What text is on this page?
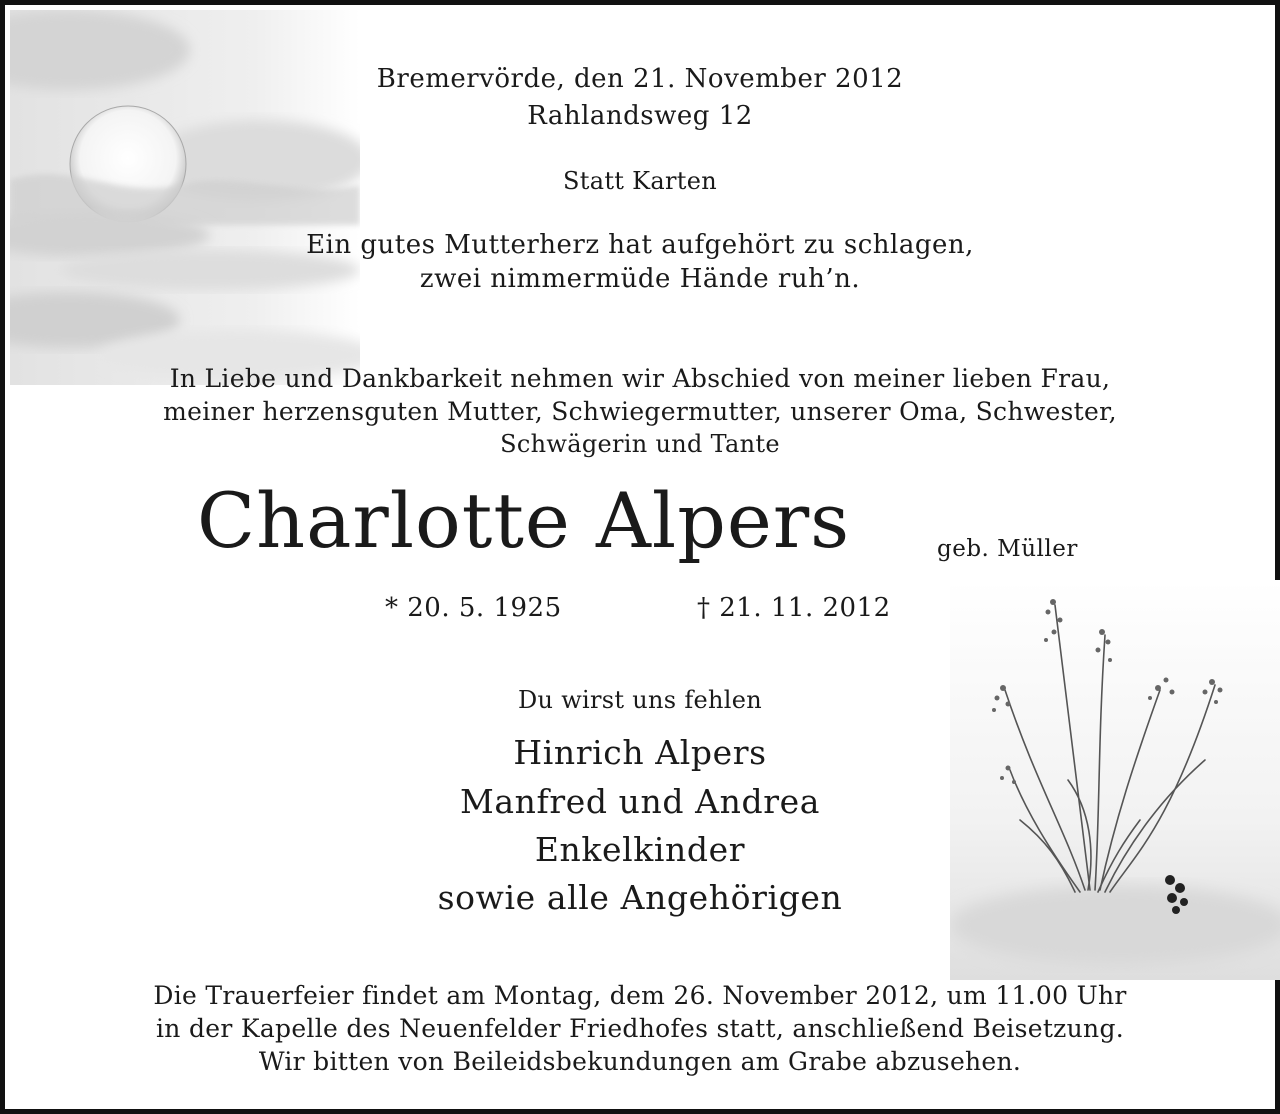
Bremervörde, den 21. November 2012
Rahlandsweg 12
Statt Karten
Ein gutes Mutterherz hat aufgehört zu schlagen,
zwei nimmermüde Hände ruh’n.
In Liebe und Dankbarkeit nehmen wir Abschied von meiner lieben Frau,
meiner herzensguten Mutter, Schwiegermutter, unserer Oma, Schwester,
Schwägerin und Tante
Charlotte Alpers	geb. Müller
* 20. 5. 1925	† 21. 11. 2012
Du wirst uns fehlen
Hinrich Alpers
Manfred und Andrea
Enkelkinder
sowie alle Angehörigen
Die Trauerfeier findet am Montag, dem 26. November 2012, um 11.00 Uhr
in der Kapelle des Neuenfelder Friedhofes statt, anschließend Beisetzung.
Wir bitten von Beileidsbekundungen am Grabe abzusehen.
